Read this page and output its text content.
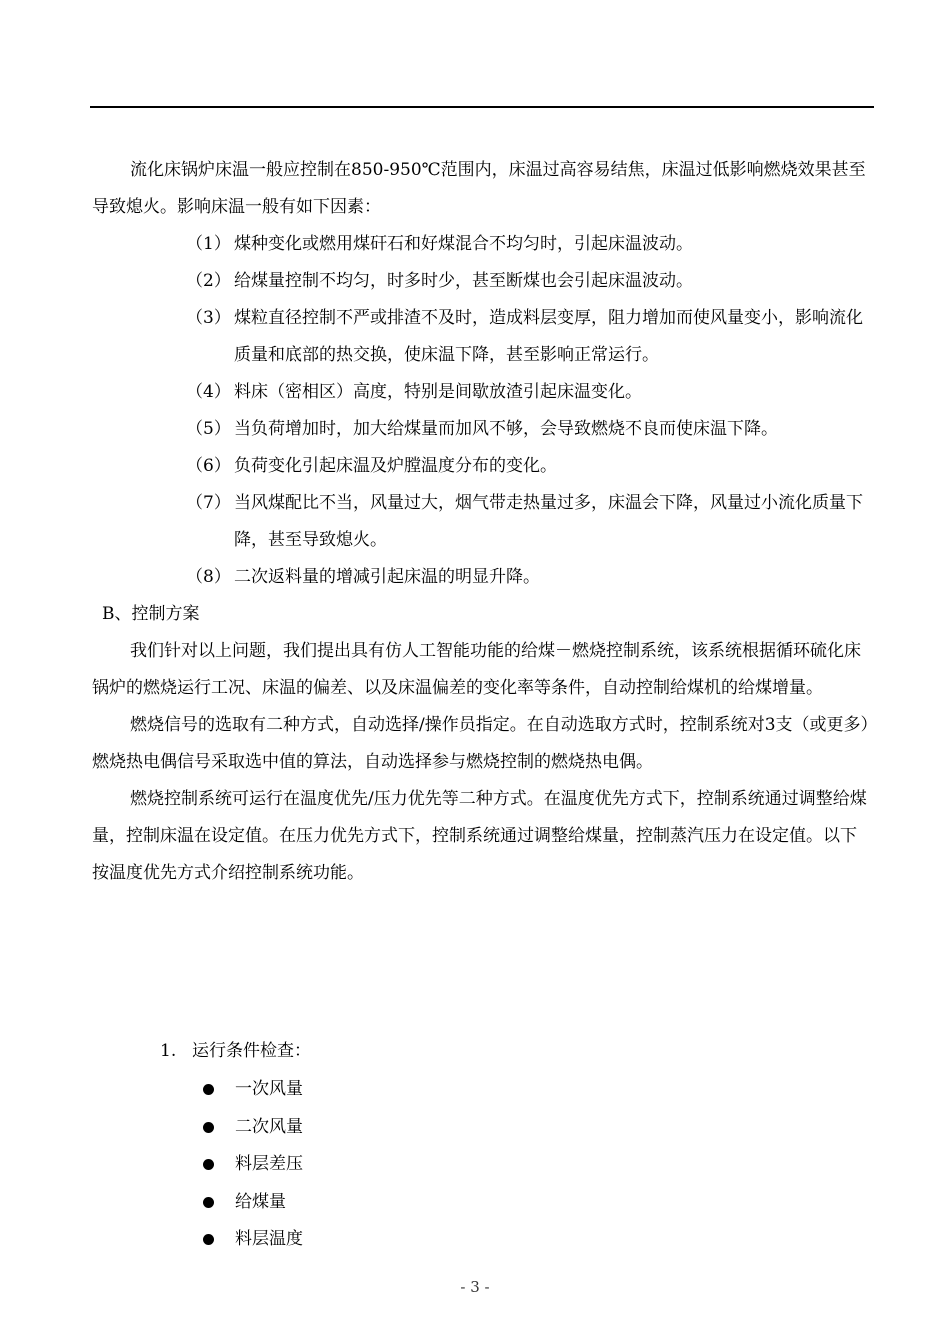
流化床锅炉床温一般应控制在850-950℃范围内，床温过高容易结焦，床温过低影响燃烧效果甚至导致熄火。影响床温一般有如下因素：

（1） 煤种变化或燃用煤矸石和好煤混合不均匀时，引起床温波动。
（2） 给煤量控制不均匀，时多时少，甚至断煤也会引起床温波动。
（3） 煤粒直径控制不严或排渣不及时，造成料层变厚，阻力增加而使风量变小，影响流化质量和底部的热交换，使床温下降，甚至影响正常运行。
（4） 料床（密相区）高度，特别是间歇放渣引起床温变化。
（5） 当负荷增加时，加大给煤量而加风不够，会导致燃烧不良而使床温下降。
（6） 负荷变化引起床温及炉膛温度分布的变化。
（7） 当风煤配比不当，风量过大，烟气带走热量过多，床温会下降，风量过小流化质量下降，甚至导致熄火。
（8） 二次返料量的增减引起床温的明显升降。

B、控制方案

我们针对以上问题，我们提出具有仿人工智能功能的给煤－燃烧控制系统，该系统根据循环硫化床锅炉的燃烧运行工况、床温的偏差、以及床温偏差的变化率等条件，自动控制给煤机的给煤增量。

燃烧信号的选取有二种方式，自动选择/操作员指定。在自动选取方式时，控制系统对3支（或更多）燃烧热电偶信号采取选中值的算法，自动选择参与燃烧控制的燃烧热电偶。

燃烧控制系统可运行在温度优先/压力优先等二种方式。在温度优先方式下，控制系统通过调整给煤量，控制床温在设定值。在压力优先方式下，控制系统通过调整给煤量，控制蒸汽压力在设定值。以下按温度优先方式介绍控制系统功能。

1. 运行条件检查：
一次风量
二次风量
料层差压
给煤量
料层温度
- 3 -
